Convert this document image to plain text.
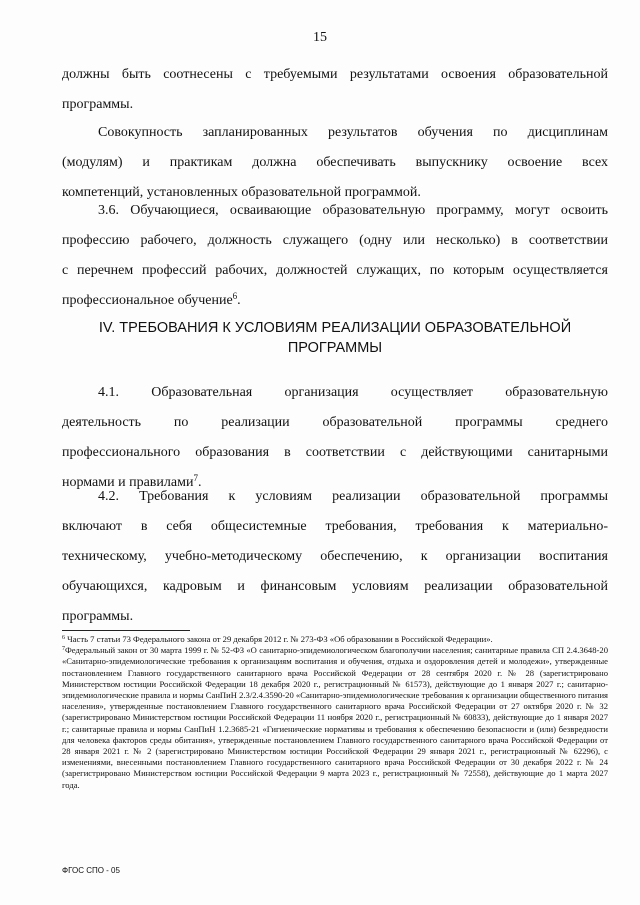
15

должны быть соотнесены с требуемыми результатами освоения образовательной

программы.

Совокупность запланированных результатов обучения по дисциплинам

(модулям) и практикам должна обеспечивать выпускнику освоение всех

компетенций, установленных образовательной программой.

3.6. Обучающиеся, осваивающие образовательную программу, могут освоить

профессию рабочего, должность служащего (одну или несколько) в соответствии

с перечнем профессий рабочих, должностей служащих, по которым осуществляется

профессиональное обучение$^6$.

IV. ТРЕБОВАНИЯ К УСЛОВИЯМ РЕАЛИЗАЦИИ ОБРАЗОВАТЕЛЬНОЙ
ПРОГРАММЫ

4.1. Образовательная организация осуществляет образовательную

деятельность по реализации образовательной программы среднего

профессионального образования в соответствии с действующими санитарными

нормами и правилами$^7$.

4.2. Требования к условиям реализации образовательной программы

включают в себя общесистемные требования, требования к материально-

техническому, учебно-методическому обеспечению, к организации воспитания

обучающихся, кадровым и финансовым условиям реализации образовательной

программы.

$^6$ Часть 7 статьи 73 Федерального закона от 29 декабря 2012 г. № 273-ФЗ «Об образовании в Российской Федерации».

$^7$Федеральный закон от 30 марта 1999 г. № 52-ФЗ «О санитарно-эпидемиологическом благополучии населения; санитарные правила СП 2.4.3648-20 «Санитарно-эпидемиологические требования к организациям воспитания и обучения, отдыха и оздоровления детей и молодежи», утвержденные постановлением Главного государственного санитарного врача Российской Федерации от 28 сентября 2020 г. № 28 (зарегистрировано Министерством юстиции Российской Федерации 18 декабря 2020 г., регистрационный № 61573), действующие до 1 января 2027 г.; санитарно-эпидемиологические правила и нормы СанПиН 2.3/2.4.3590-20 «Санитарно-эпидемиологические требования к организации общественного питания населения», утвержденные постановлением Главного государственного санитарного врача Российской Федерации от 27 октября 2020 г. № 32 (зарегистрировано Министерством юстиции Российской Федерации 11 ноября 2020 г., регистрационный № 60833), действующие до 1 января 2027 г.; санитарные правила и нормы СанПиН 1.2.3685-21 «Гигиенические нормативы и требования к обеспечению безопасности и (или) безвредности для человека факторов среды обитания», утвержденные постановлением Главного государственного санитарного врача Российской Федерации от 28 января 2021 г. № 2 (зарегистрировано Министерством юстиции Российской Федерации 29 января 2021 г., регистрационный № 62296), с изменениями, внесенными постановлением Главного государственного санитарного врача Российской Федерации от 30 декабря 2022 г. № 24 (зарегистрировано Министерством юстиции Российской Федерации 9 марта 2023 г., регистрационный № 72558), действующие до 1 марта 2027 года.

ФГОС СПО - 05
